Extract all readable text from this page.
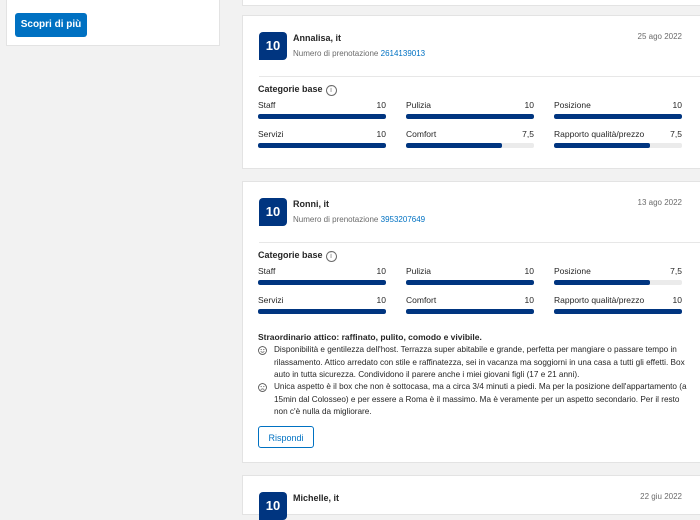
Scopri di più
10	Annalisa, it
Numero di prenotazione 2614139013
25 ago 2022
Categorie base i
Staff	10 Pulizia	10 Posizione	10
Servizi	10 Comfort	7,5 Rapporto qualità/prezzo	7,5
10	Ronni, it
Numero di prenotazione 3953207649
13 ago 2022
Categorie base i
Staff	10 Pulizia	10 Posizione	7,5
Servizi	10 Comfort	10 Rapporto qualità/prezzo	10
Straordinario attico: raffinato, pulito, comodo e vivibile.
Disponibilità e gentilezza dell'host. Terrazza super abitabile e grande, perfetta per mangiare o passare tempo in rilassamento. Attico arredato con stile e raffinatezza, sei in vacanza ma soggiorni in una casa a tutti gli effetti. Box auto in tutta sicurezza. Condividono il parere anche i miei giovani figli (17 e 21 anni).
Unica aspetto è il box che non è sottocasa, ma a circa 3/4 minuti a piedi. Ma per la posizione dell'appartamento (a 15min dal Colosseo) e per essere a Roma è il massimo. Ma è veramente per un aspetto secondario. Per il resto non c'è nulla da migliorare.
Rispondi
10	Michelle, it	22 giu 2022
